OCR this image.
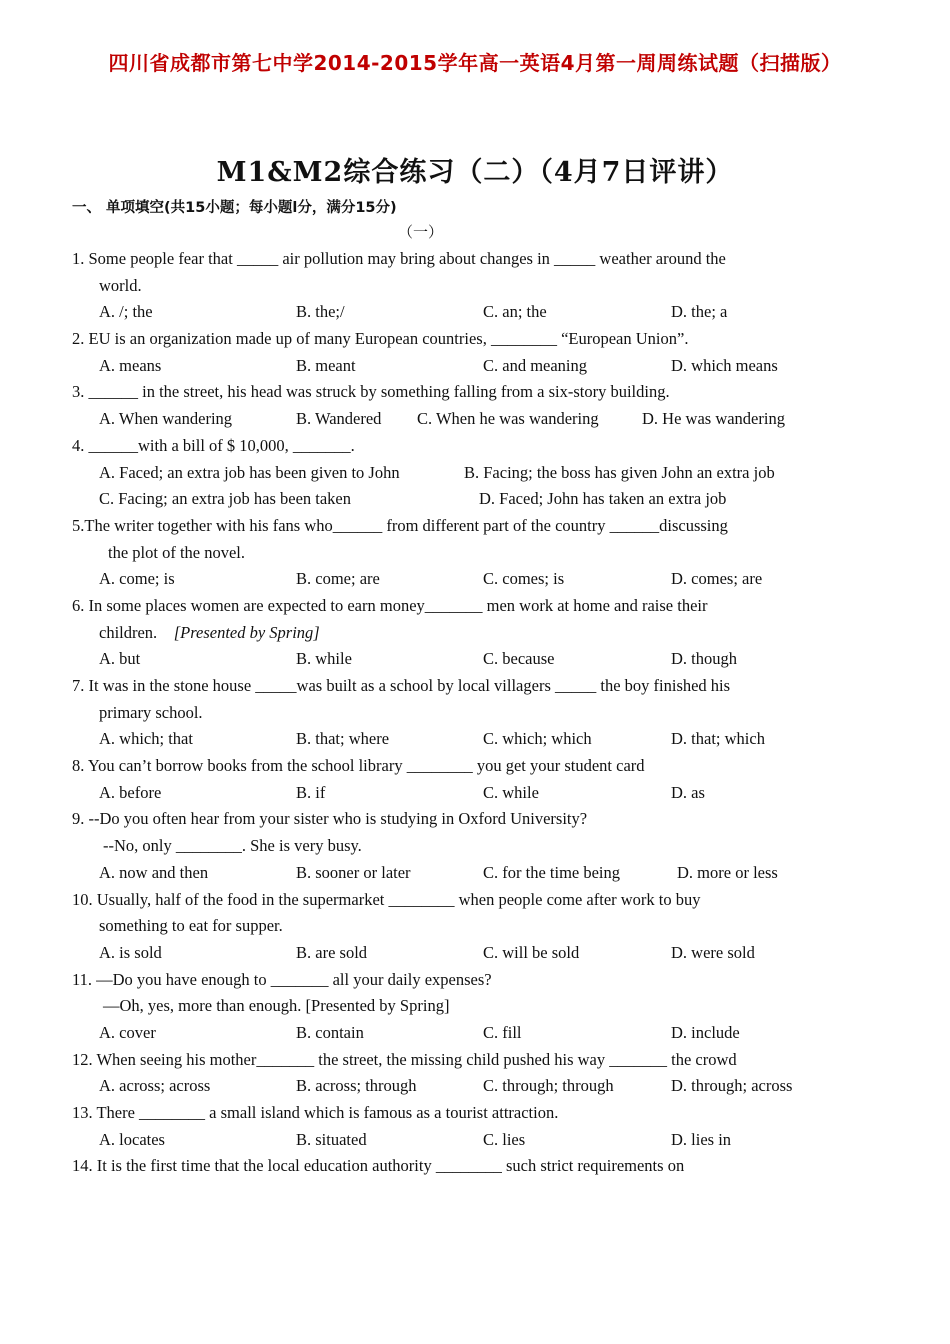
四川省成都市第七中学2014-2015学年高一英语4月第一周周练试题（扫描版）
M1&M2综合练习（二）（4月7日评讲）
一、 单项填空(共15小题；每小题l分，满分15分)
（一）
1. Some people fear that _____ air pollution may bring about changes in _____ weather around the
world.
A. /; the	B. the;/	C. an; the	D. the; a
2. EU is an organization made up of many European countries, ________ “European Union”.
A. means	B. meant	C. and meaning	D. which means
3. ______ in the street, his head was struck by something falling from a six-story building.
A. When wandering	B. Wandered C. When he was wandering	D. He was wandering
4. ______with a bill of $ 10,000, _______.
A. Faced; an extra job has been given to John	B. Facing; the boss has given John an extra job
C. Facing; an extra job has been taken	D. Faced; John has taken an extra job
5.The writer together with his fans who______ from different part of the country ______discussing
the plot of the novel.
A. come; is	B. come; are	C. comes; is	D. comes; are
6. In some places women are expected to earn money_______ men work at home and raise their
children. [Presented by Spring]
A. but	B. while	C. because	D. though
7. It was in the stone house _____was built as a school by local villagers _____ the boy finished his
primary school.
A. which; that	B. that; where	C. which; which	D. that; which
8. You can’t borrow books from the school library ________ you get your student card
A. before	B. if	C. while	D. as
9. --Do you often hear from your sister who is studying in Oxford University?
--No, only ________. She is very busy.
A. now and then	B. sooner or later	C. for the time being	D. more or less
10. Usually, half of the food in the supermarket ________ when people come after work to buy
something to eat for supper.
A. is sold	B. are sold	C. will be sold	D. were sold
11. —Do you have enough to _______ all your daily expenses?
—Oh, yes, more than enough. [Presented by Spring]
A. cover	B. contain	C. fill	D. include
12. When seeing his mother_______ the street, the missing child pushed his way _______ the crowd
A. across; across	B. across; through	C. through; through	D. through; across
13. There ________ a small island which is famous as a tourist attraction.
A. locates	B. situated	C. lies	D. lies in
14. It is the first time that the local education authority ________ such strict requirements on
